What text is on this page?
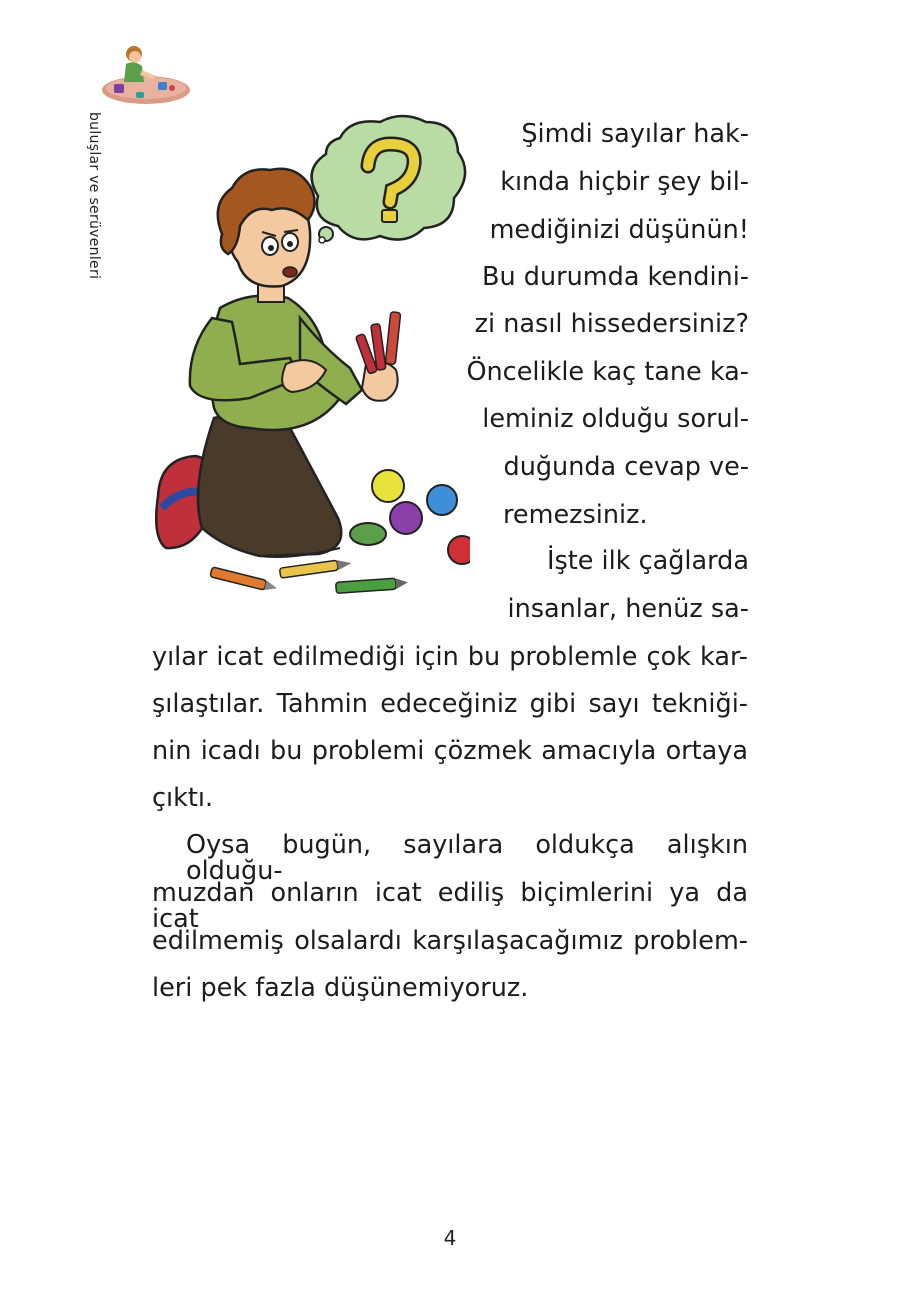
buluşlar ve serüvenleri	Şimdi sayılar hak-

kında hiçbir şey bil-

mediğinizi düşünün!

Bu durumda kendini-

zi nasıl hissedersiniz?

Öncelikle kaç tane ka-

leminiz olduğu sorul-

duğunda cevap ve-

remezsiniz.

İşte ilk çağlarda

insanlar, henüz sa-

yılar icat edilmediği için bu problemle çok kar-

şılaştılar. Tahmin edeceğiniz gibi sayı tekniği-

nin icadı bu problemi çözmek amacıyla ortaya

çıktı.

Oysa bugün, sayılara oldukça alışkın olduğu-

muzdan onların icat ediliş biçimlerini ya da icat

edilmemiş olsalardı karşılaşacağımız problem-

leri pek fazla düşünemiyoruz.

4
